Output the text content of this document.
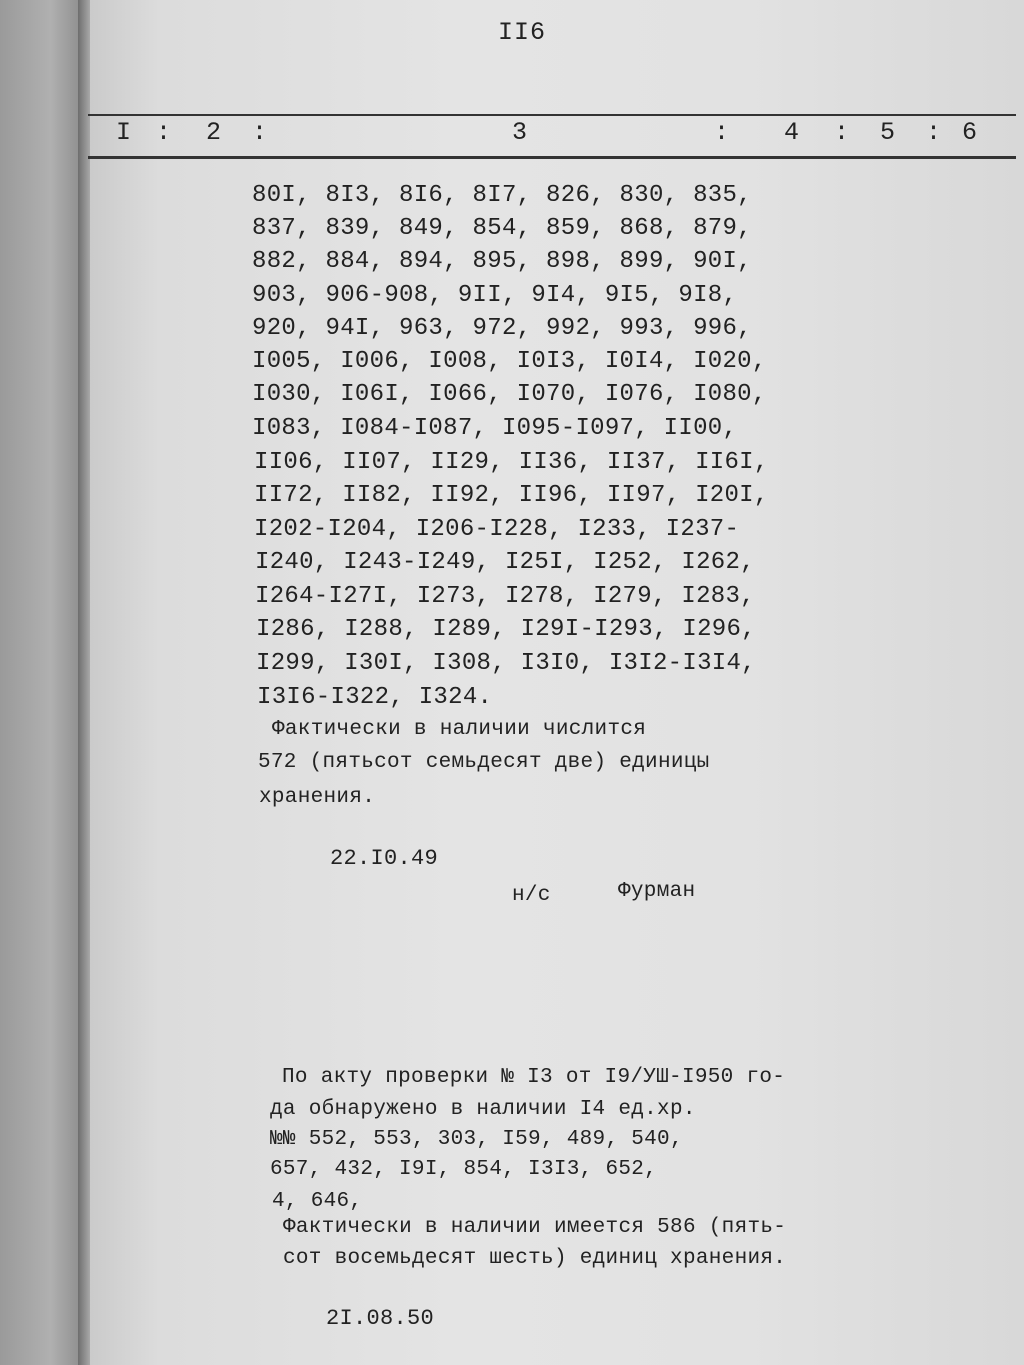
II6
I : 2 :	3	: 4 : 5 : 6
80I, 8I3, 8I6, 8I7, 826, 830, 835,
837, 839, 849, 854, 859, 868, 879,
882, 884, 894, 895, 898, 899, 90I,
903, 906-908, 9II, 9I4, 9I5, 9I8,
920, 94I, 963, 972, 992, 993, 996,
I005, I006, I008, I0I3, I0I4, I020,
I030, I06I, I066, I070, I076, I080,
I083, I084-I087, I095-I097, II00,
II06, II07, II29, II36, II37, II6I,
II72, II82, II92, II96, II97, I20I,
I202-I204, I206-I228, I233, I237-
I240, I243-I249, I25I, I252, I262,
I264-I27I, I273, I278, I279, I283,
I286, I288, I289, I29I-I293, I296,
I299, I30I, I308, I3I0, I3I2-I3I4,
I3I6-I322, I324.
Фактически в наличии числится
572 (пятьсот семьдесят две) единицы
хранения.
22.I0.49
н/с	Фурман
По акту проверки № I3 от I9/УШ-I950 го-
да обнаружено в наличии I4 ед.хр.
№№ 552, 553, 303, I59, 489, 540,
657, 432, I9I, 854, I3I3, 652,
4, 646,
Фактически в наличии имеется 586 (пять-
сот восемьдесят шесть) единиц хранения.
2I.08.50
